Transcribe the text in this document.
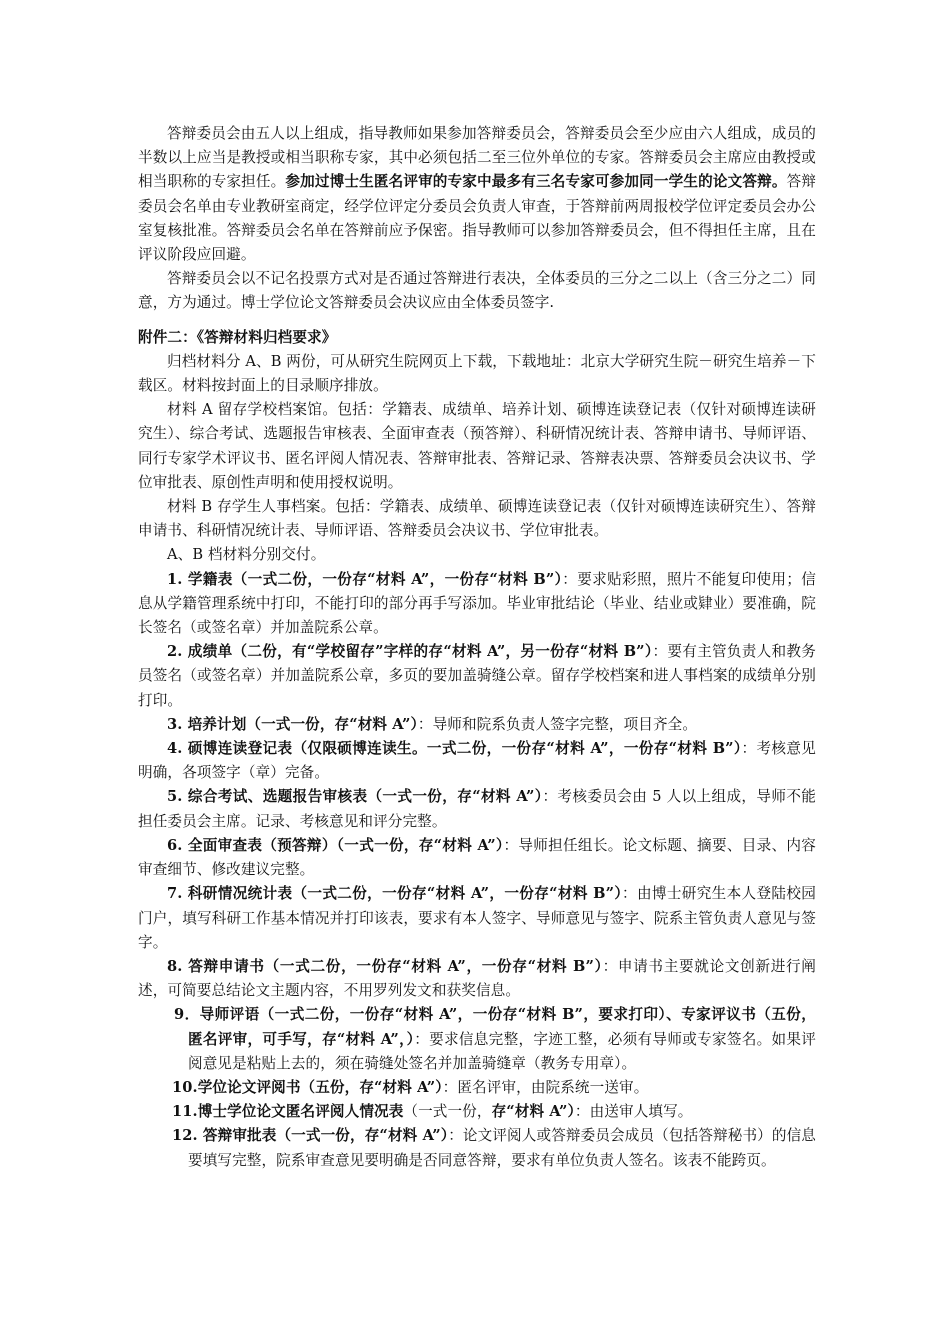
答辩委员会由五人以上组成，指导教师如果参加答辩委员会，答辩委员会至少应由六人组成，成员的半数以上应当是教授或相当职称专家，其中必须包括二至三位外单位的专家。答辩委员会主席应由教授或相当职称的专家担任。参加过博士生匿名评审的专家中最多有三名专家可参加同一学生的论文答辩。答辩委员会名单由专业教研室商定，经学位评定分委员会负责人审查，于答辩前两周报校学位评定委员会办公室复核批准。答辩委员会名单在答辩前应予保密。指导教师可以参加答辩委员会，但不得担任主席，且在评议阶段应回避。

答辩委员会以不记名投票方式对是否通过答辩进行表决，全体委员的三分之二以上（含三分之二）同意，方为通过。博士学位论文答辩委员会决议应由全体委员签字.

附件二：《答辩材料归档要求》

归档材料分 A、B 两份，可从研究生院网页上下载，下载地址：北京大学研究生院－研究生培养－下载区。材料按封面上的目录顺序排放。

材料 A 留存学校档案馆。包括：学籍表、成绩单、培养计划、硕博连读登记表（仅针对硕博连读研究生）、综合考试、选题报告审核表、全面审查表（预答辩）、科研情况统计表、答辩申请书、导师评语、同行专家学术评议书、匿名评阅人情况表、答辩审批表、答辩记录、答辩表决票、答辩委员会决议书、学位审批表、原创性声明和使用授权说明。

材料 B 存学生人事档案。包括：学籍表、成绩单、硕博连读登记表（仅针对硕博连读研究生）、答辩申请书、科研情况统计表、导师评语、答辩委员会决议书、学位审批表。

A、B 档材料分别交付。

1. 学籍表（一式二份，一份存“材料 A”，一份存“材料 B”）：要求贴彩照，照片不能复印使用；信息从学籍管理系统中打印，不能打印的部分再手写添加。毕业审批结论（毕业、结业或肄业）要准确，院长签名（或签名章）并加盖院系公章。

2. 成绩单（二份，有“学校留存”字样的存“材料 A”，另一份存“材料 B”）：要有主管负责人和教务员签名（或签名章）并加盖院系公章，多页的要加盖骑缝公章。留存学校档案和进人事档案的成绩单分别打印。

3. 培养计划（一式一份，存“材料 A”）：导师和院系负责人签字完整，项目齐全。

4. 硕博连读登记表（仅限硕博连读生。一式二份，一份存“材料 A”，一份存“材料 B”）：考核意见明确，各项签字（章）完备。

5. 综合考试、选题报告审核表（一式一份，存“材料 A”）：考核委员会由 5 人以上组成，导师不能担任委员会主席。记录、考核意见和评分完整。

6. 全面审查表（预答辩）（一式一份，存“材料 A”）：导师担任组长。论文标题、摘要、目录、内容审查细节、修改建议完整。

7. 科研情况统计表（一式二份，一份存“材料 A”，一份存“材料 B”）：由博士研究生本人登陆校园门户，填写科研工作基本情况并打印该表，要求有本人签字、导师意见与签字、院系主管负责人意见与签字。

8. 答辩申请书（一式二份，一份存“材料 A”，一份存“材料 B”）：申请书主要就论文创新进行阐述，可简要总结论文主题内容，不用罗列发文和获奖信息。

9．导师评语（一式二份，一份存“材料 A”，一份存“材料 B”，要求打印）、专家评议书（五份，匿名评审，可手写，存“材料 A”，）：要求信息完整，字迹工整，必须有导师或专家签名。如果评阅意见是粘贴上去的，须在骑缝处签名并加盖骑缝章（教务专用章）。

10.学位论文评阅书（五份，存“材料 A”）：匿名评审，由院系统一送审。

11.博士学位论文匿名评阅人情况表（一式一份，存“材料 A”）：由送审人填写。

12. 答辩审批表（一式一份，存“材料 A”）：论文评阅人或答辩委员会成员（包括答辩秘书）的信息要填写完整，院系审查意见要明确是否同意答辩，要求有单位负责人签名。该表不能跨页。
